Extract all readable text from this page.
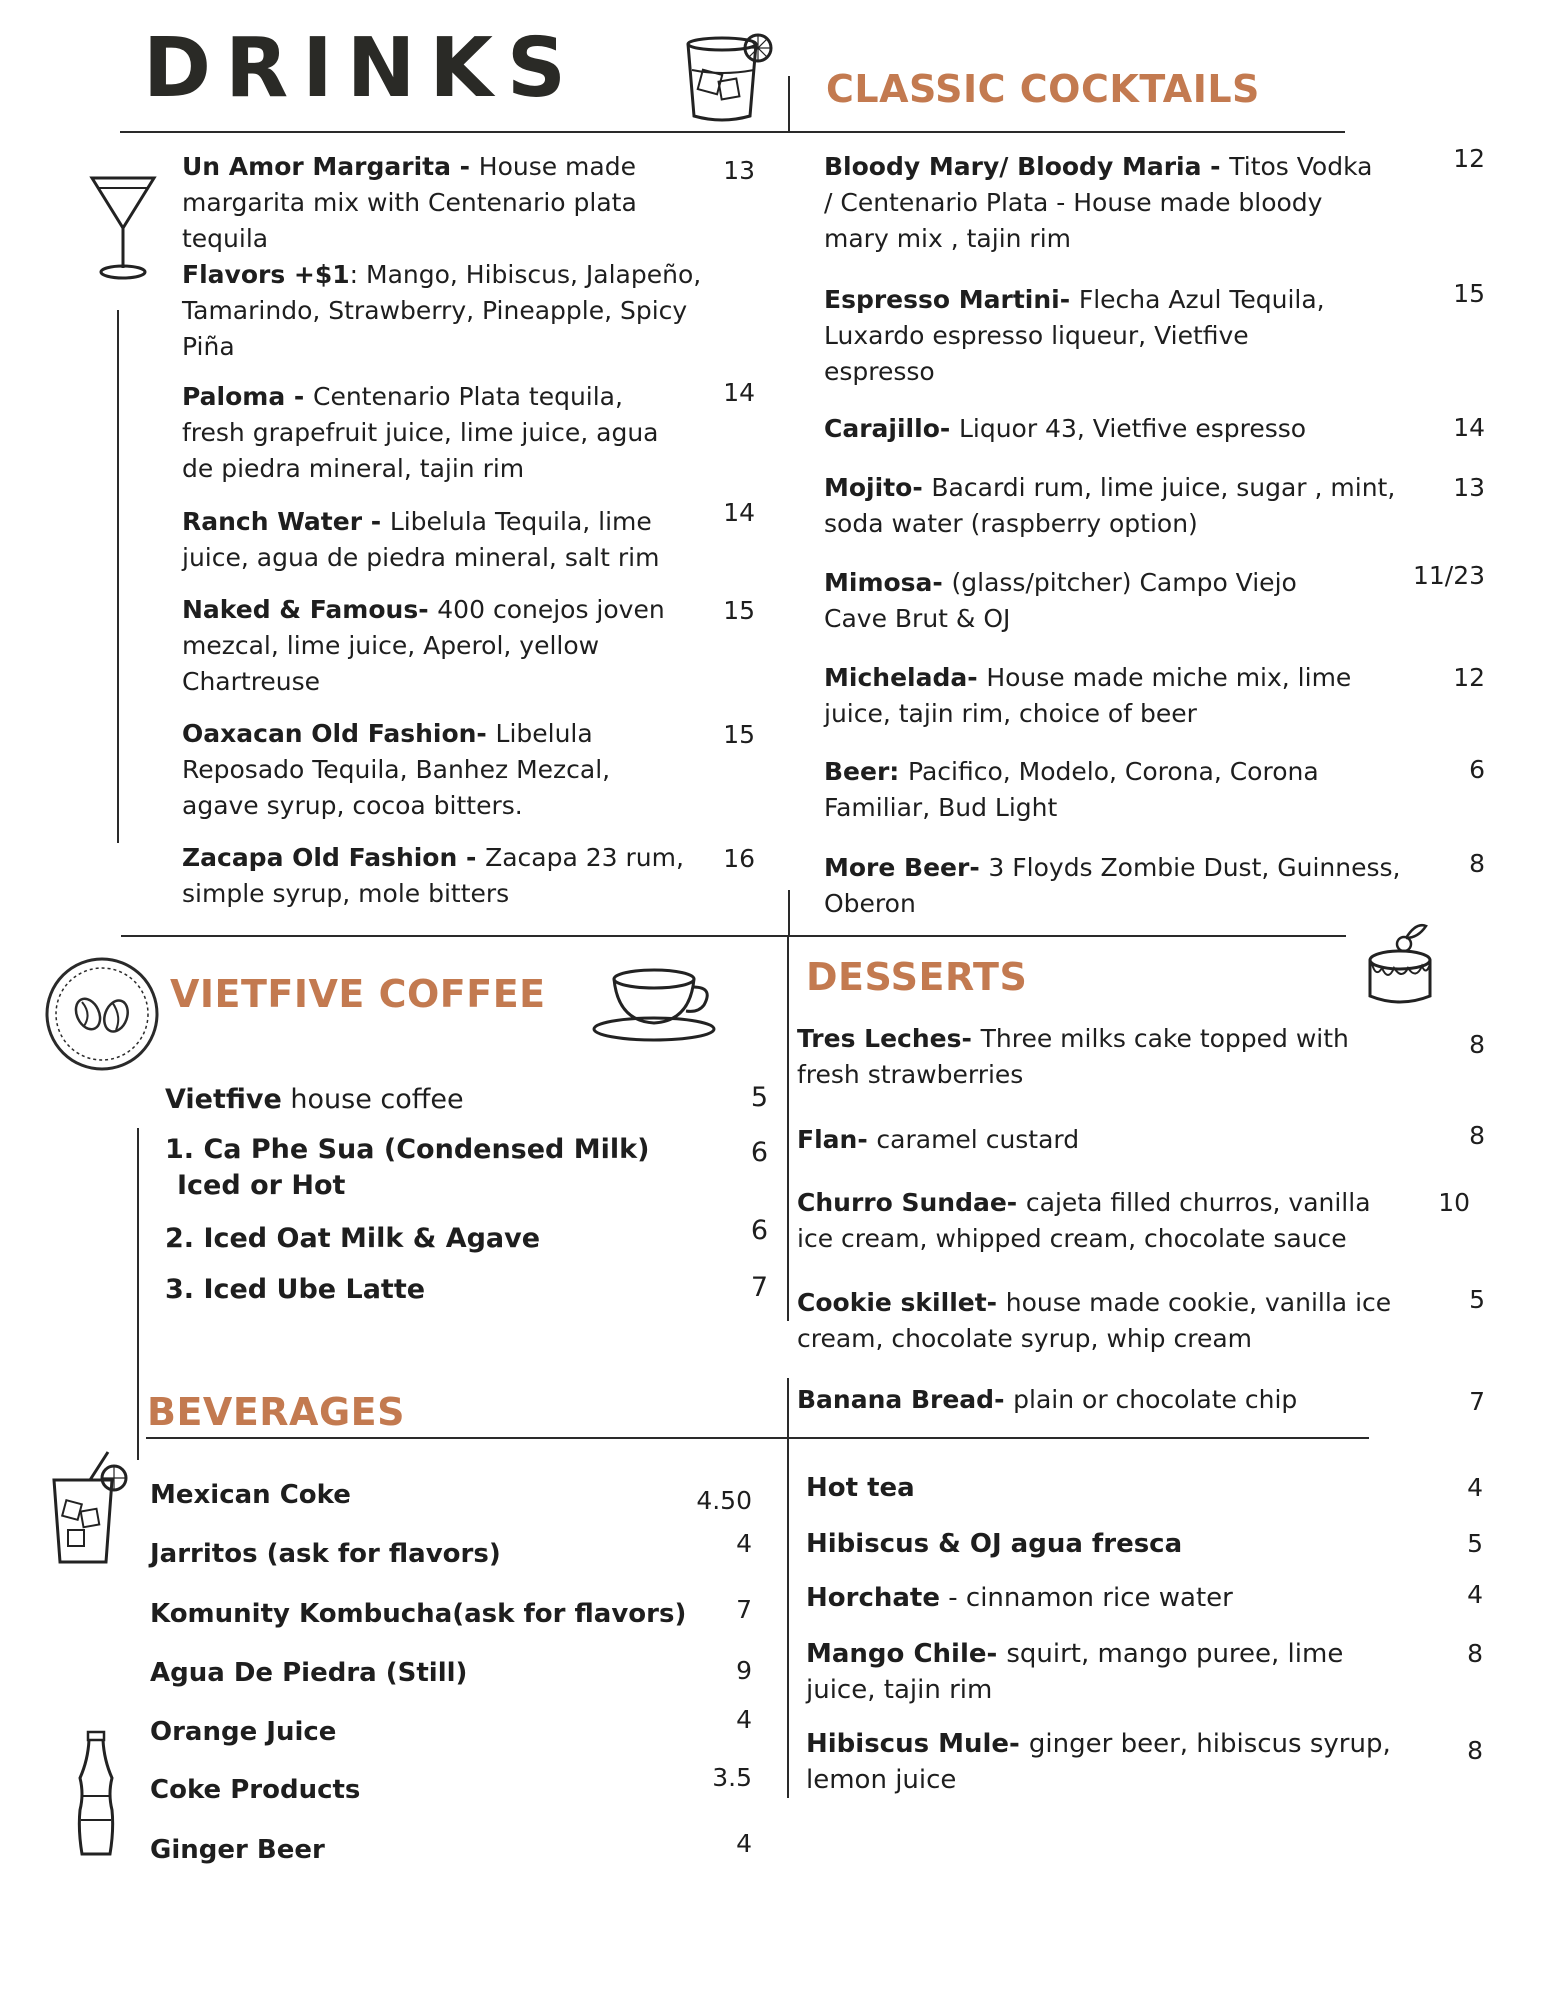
DRINKS	CLASSIC COCKTAILS
VIETFIVE COFFEE	DESSERTS
BEVERAGES
Un Amor Margarita - House made margarita mix with Centenario plata tequila
Flavors +$1: Mango, Hibiscus, Jalapeño, Tamarindo, Strawberry, Pineapple, Spicy Piña
13
Paloma - Centenario Plata tequila, fresh grapefruit juice, lime juice, agua de piedra mineral, tajin rim
14
Ranch Water - Libelula Tequila, lime juice, agua de piedra mineral, salt rim
14
Naked & Famous- 400 conejos joven mezcal, lime juice, Aperol, yellow Chartreuse
15
Oaxacan Old Fashion- Libelula Reposado Tequila, Banhez Mezcal, agave syrup, cocoa bitters.
15
Zacapa Old Fashion - Zacapa 23 rum, simple syrup, mole bitters
16
Bloody Mary/ Bloody Maria - Titos Vodka / Centenario Plata - House made bloody mary mix , tajin rim
12
Espresso Martini- Flecha Azul Tequila, Luxardo espresso liqueur, Vietfive espresso
15
Carajillo- Liquor 43, Vietfive espresso	14
Mojito- Bacardi rum, lime juice, sugar , mint, soda water (raspberry option)
13
Mimosa- (glass/pitcher) Campo Viejo Cave Brut & OJ
11/23
Michelada- House made miche mix, lime juice, tajin rim, choice of beer
12
Beer: Pacifico, Modelo, Corona, Corona Familiar, Bud Light
6
More Beer- 3 Floyds Zombie Dust, Guinness, Oberon
8
Vietfive house coffee	5
1. Ca Phe Sua (Condensed Milk)
Iced or Hot
6
2. Iced Oat Milk & Agave	6
3. Iced Ube Latte	7
Tres Leches- Three milks cake topped with fresh strawberries
8
Flan- caramel custard	8
Churro Sundae- cajeta filled churros, vanilla ice cream, whipped cream, chocolate sauce
10
Cookie skillet- house made cookie, vanilla ice cream, chocolate syrup, whip cream
5
Banana Bread- plain or chocolate chip	7
Mexican Coke	4.50
Jarritos (ask for flavors)	4
Komunity Kombucha(ask for flavors)	7
Agua De Piedra (Still)	9
Orange Juice	4
Coke Products	3.5
Ginger Beer	4
Hot tea	4
Hibiscus & OJ agua fresca	5
Horchate - cinnamon rice water	4
Mango Chile- squirt, mango puree, lime juice, tajin rim
8
Hibiscus Mule- ginger beer, hibiscus syrup, lemon juice
8
